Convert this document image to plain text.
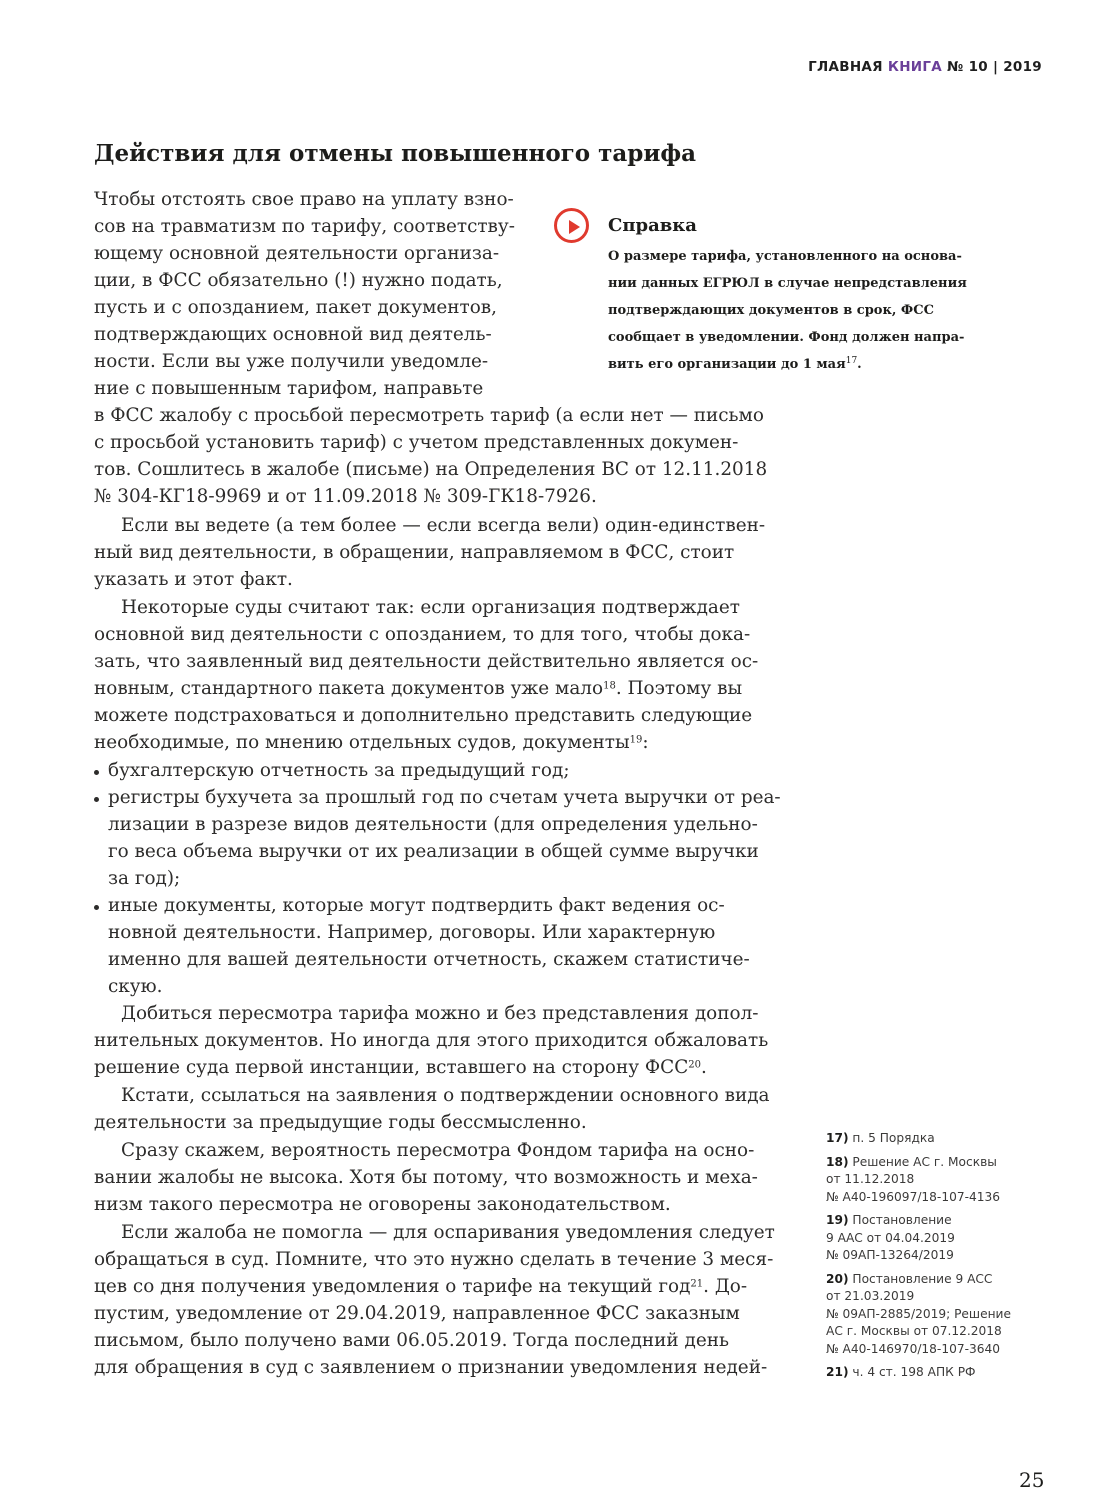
ГЛАВНАЯ КНИГА № 10 | 2019
Действия для отмены повышенного тарифа
Чтобы отстоять свое право на уплату взно-
сов на травматизм по тарифу, соответству-
ющему основной деятельности организа-
ции, в ФСС обязательно (!) нужно подать,
пусть и с опозданием, пакет документов,
подтверждающих основной вид деятель-
ности. Если вы уже получили уведомле-
ние с повышенным тарифом, направьте
в ФСС жалобу с просьбой пересмотреть тариф (а если нет — письмо
с просьбой установить тариф) с учетом представленных докумен-
тов. Сошлитесь в жалобе (письме) на Определения ВС от 12.11.2018
№ 304-КГ18-9969 и от 11.09.2018 № 309-ГК18-7926.
Если вы ведете (а тем более — если всегда вели) один-единствен-
ный вид деятельности, в обращении, направляемом в ФСС, стоит
указать и этот факт.
Некоторые суды считают так: если организация подтверждает
основной вид деятельности с опозданием, то для того, чтобы дока-
зать, что заявленный вид деятельности действительно является ос-
новным, стандартного пакета документов уже мало$^{18}$. Поэтому вы
можете подстраховаться и дополнительно представить следующие
необходимые, по мнению отдельных судов, документы$^{19}$:
бухгалтерскую отчетность за предыдущий год;
регистры бухучета за прошлый год по счетам учета выручки от реа-
лизации в разрезе видов деятельности (для определения удельно-
го веса объема выручки от их реализации в общей сумме выручки
за год);
иные документы, которые могут подтвердить факт ведения ос-
новной деятельности. Например, договоры. Или характерную
именно для вашей деятельности отчетность, скажем статистиче-
скую.
Добиться пересмотра тарифа можно и без представления допол-
нительных документов. Но иногда для этого приходится обжаловать
решение суда первой инстанции, вставшего на сторону ФСС$^{20}$.
Кстати, ссылаться на заявления о подтверждении основного вида
деятельности за предыдущие годы бессмысленно.
Сразу скажем, вероятность пересмотра Фондом тарифа на осно-
вании жалобы не высока. Хотя бы потому, что возможность и меха-
низм такого пересмотра не оговорены законодательством.
Если жалоба не помогла — для оспаривания уведомления следует
обращаться в суд. Помните, что это нужно сделать в течение 3 меся-
цев со дня получения уведомления о тарифе на текущий год$^{21}$. До-
пустим, уведомление от 29.04.2019, направленное ФСС заказным
письмом, было получено вами 06.05.2019. Тогда последний день
для обращения в суд с заявлением о признании уведомления недей-
Справка
О размере тарифа, установленного на основа-
нии данных ЕГРЮЛ в случае непредставления
подтверждающих документов в срок, ФСС
сообщает в уведомлении. Фонд должен напра-
вить его организации до 1 мая$^{17}$.
17) п. 5 Порядка
18) Решение АС г. Москвы
от 11.12.2018
№ А40-196097/18-107-4136
19) Постановление
9 ААС от 04.04.2019
№ 09АП-13264/2019
20) Постановление 9 АСС
от 21.03.2019
№ 09АП-2885/2019; Решение
АС г. Москвы от 07.12.2018
№ А40-146970/18-107-3640
21) ч. 4 ст. 198 АПК РФ
25
